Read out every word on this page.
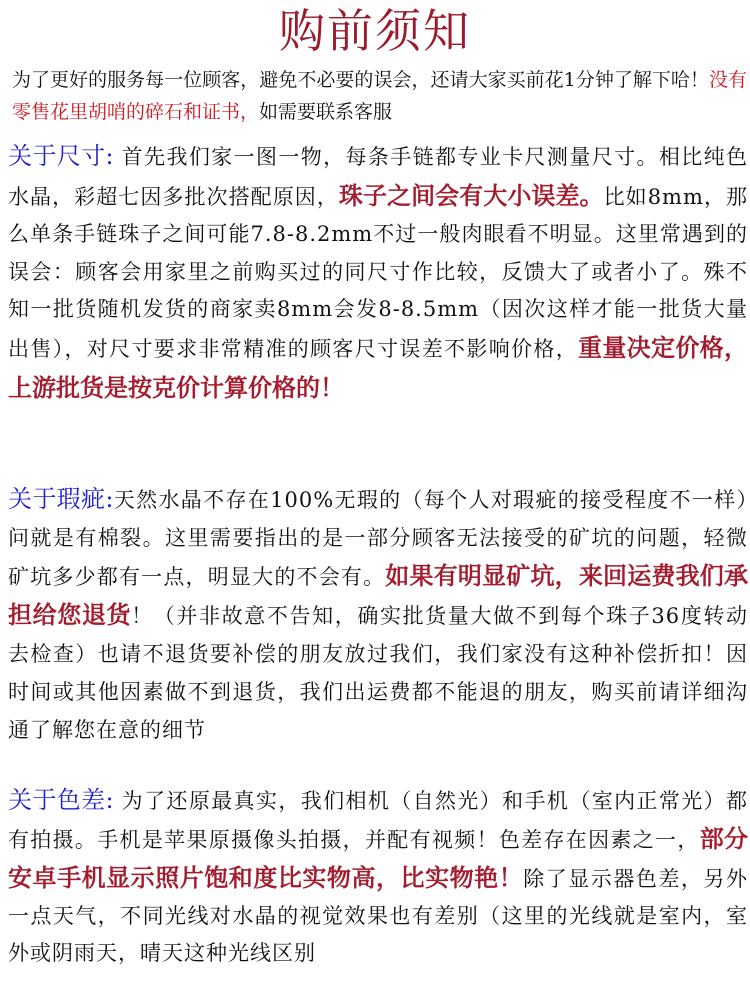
购前须知
为了更好的服务每一位顾客，避免不必要的误会，还请大家买前花1分钟了解下哈！没有零售花里胡哨的碎石和证书，如需要联系客服
关于尺寸: 首先我们家一图一物，每条手链都专业卡尺测量尺寸。相比纯色水晶，彩超七因多批次搭配原因，珠子之间会有大小误差。比如8mm，那么单条手链珠子之间可能7.8-8.2mm不过一般肉眼看不明显。这里常遇到的误会：顾客会用家里之前购买过的同尺寸作比较，反馈大了或者小了。殊不知一批货随机发货的商家卖8mm会发8-8.5mm（因次这样才能一批货大量出售），对尺寸要求非常精准的顾客尺寸误差不影响价格，重量决定价格，上游批货是按克价计算价格的！
关于瑕疵:天然水晶不存在100%无瑕的（每个人对瑕疵的接受程度不一样）问就是有棉裂。这里需要指出的是一部分顾客无法接受的矿坑的问题，轻微矿坑多少都有一点，明显大的不会有。如果有明显矿坑，来回运费我们承担给您退货！（并非故意不告知，确实批货量大做不到每个珠子36度转动去检查）也请不退货要补偿的朋友放过我们，我们家没有这种补偿折扣！因时间或其他因素做不到退货，我们出运费都不能退的朋友，购买前请详细沟通了解您在意的细节
关于色差: 为了还原最真实，我们相机（自然光）和手机（室内正常光）都有拍摄。手机是苹果原摄像头拍摄，并配有视频！色差存在因素之一，部分安卓手机显示照片饱和度比实物高，比实物艳！除了显示器色差，另外一点天气，不同光线对水晶的视觉效果也有差别（这里的光线就是室内，室外或阴雨天，晴天这种光线区别
